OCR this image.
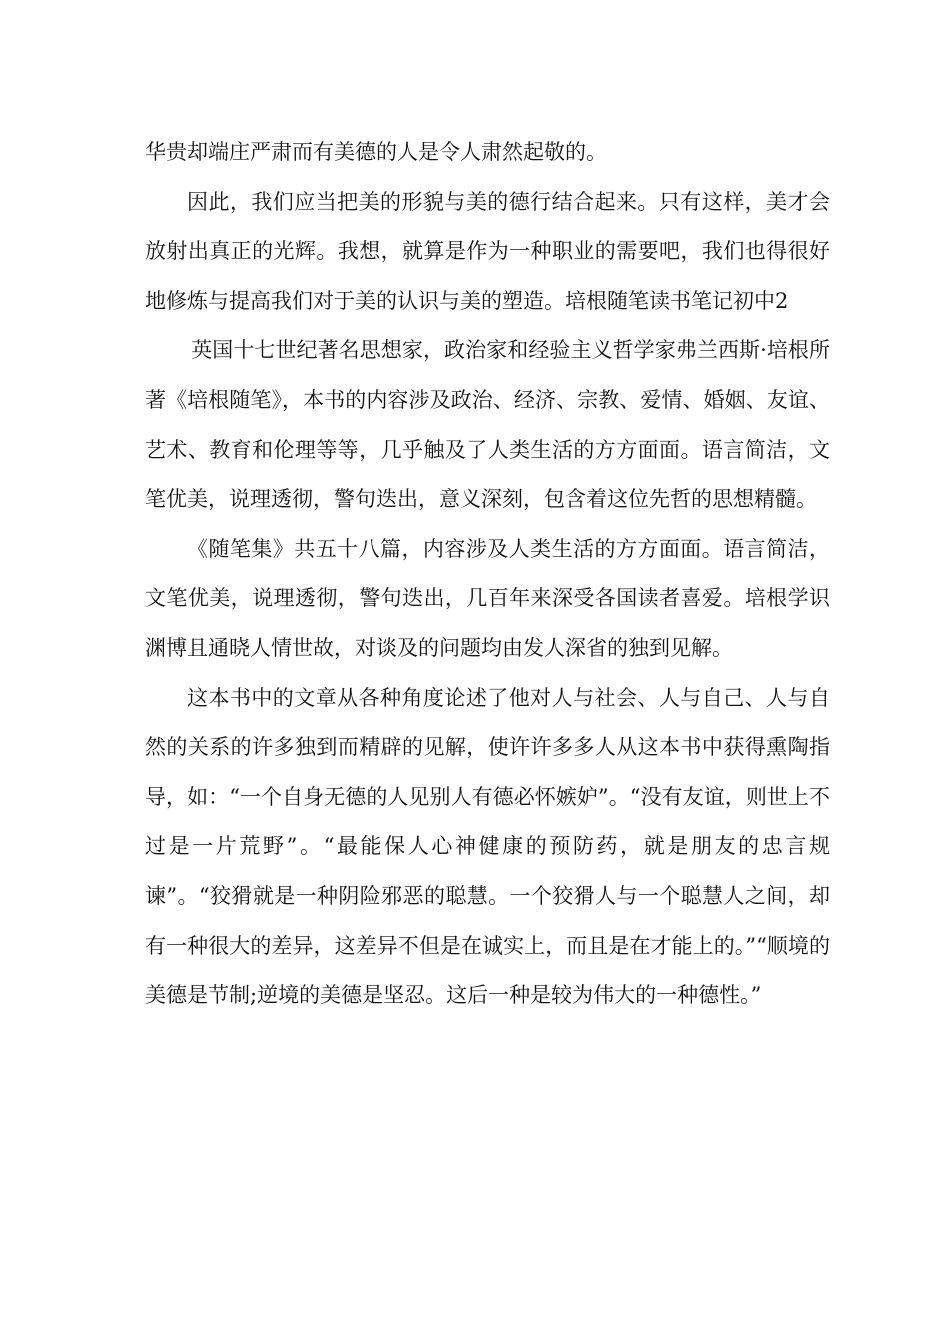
华贵却端庄严肃而有美德的人是令人肃然起敬的。

因此，我们应当把美的形貌与美的德行结合起来。只有这样，美才会放射出真正的光辉。我想，就算是作为一种职业的需要吧，我们也得很好地修炼与提高我们对于美的认识与美的塑造。培根随笔读书笔记初中2

英国十七世纪著名思想家，政治家和经验主义哲学家弗兰西斯·培根所著《培根随笔》，本书的内容涉及政治、经济、宗教、爱情、婚姻、友谊、艺术、教育和伦理等等，几乎触及了人类生活的方方面面。语言简洁，文笔优美，说理透彻，警句迭出，意义深刻，包含着这位先哲的思想精髓。

《随笔集》共五十八篇，内容涉及人类生活的方方面面。语言简洁，文笔优美，说理透彻，警句迭出，几百年来深受各国读者喜爱。培根学识渊博且通晓人情世故，对谈及的问题均由发人深省的独到见解。

这本书中的文章从各种角度论述了他对人与社会、人与自己、人与自然的关系的许多独到而精辟的见解，使许许多多人从这本书中获得熏陶指导，如：“一个自身无德的人见别人有德必怀嫉妒”。“没有友谊，则世上不过是一片荒野”。“最能保人心神健康的预防药，就是朋友的忠言规谏”。“狡猾就是一种阴险邪恶的聪慧。一个狡猾人与一个聪慧人之间，却有一种很大的差异，这差异不但是在诚实上，而且是在才能上的。”“顺境的美德是节制;逆境的美德是坚忍。这后一种是较为伟大的一种德性。”
